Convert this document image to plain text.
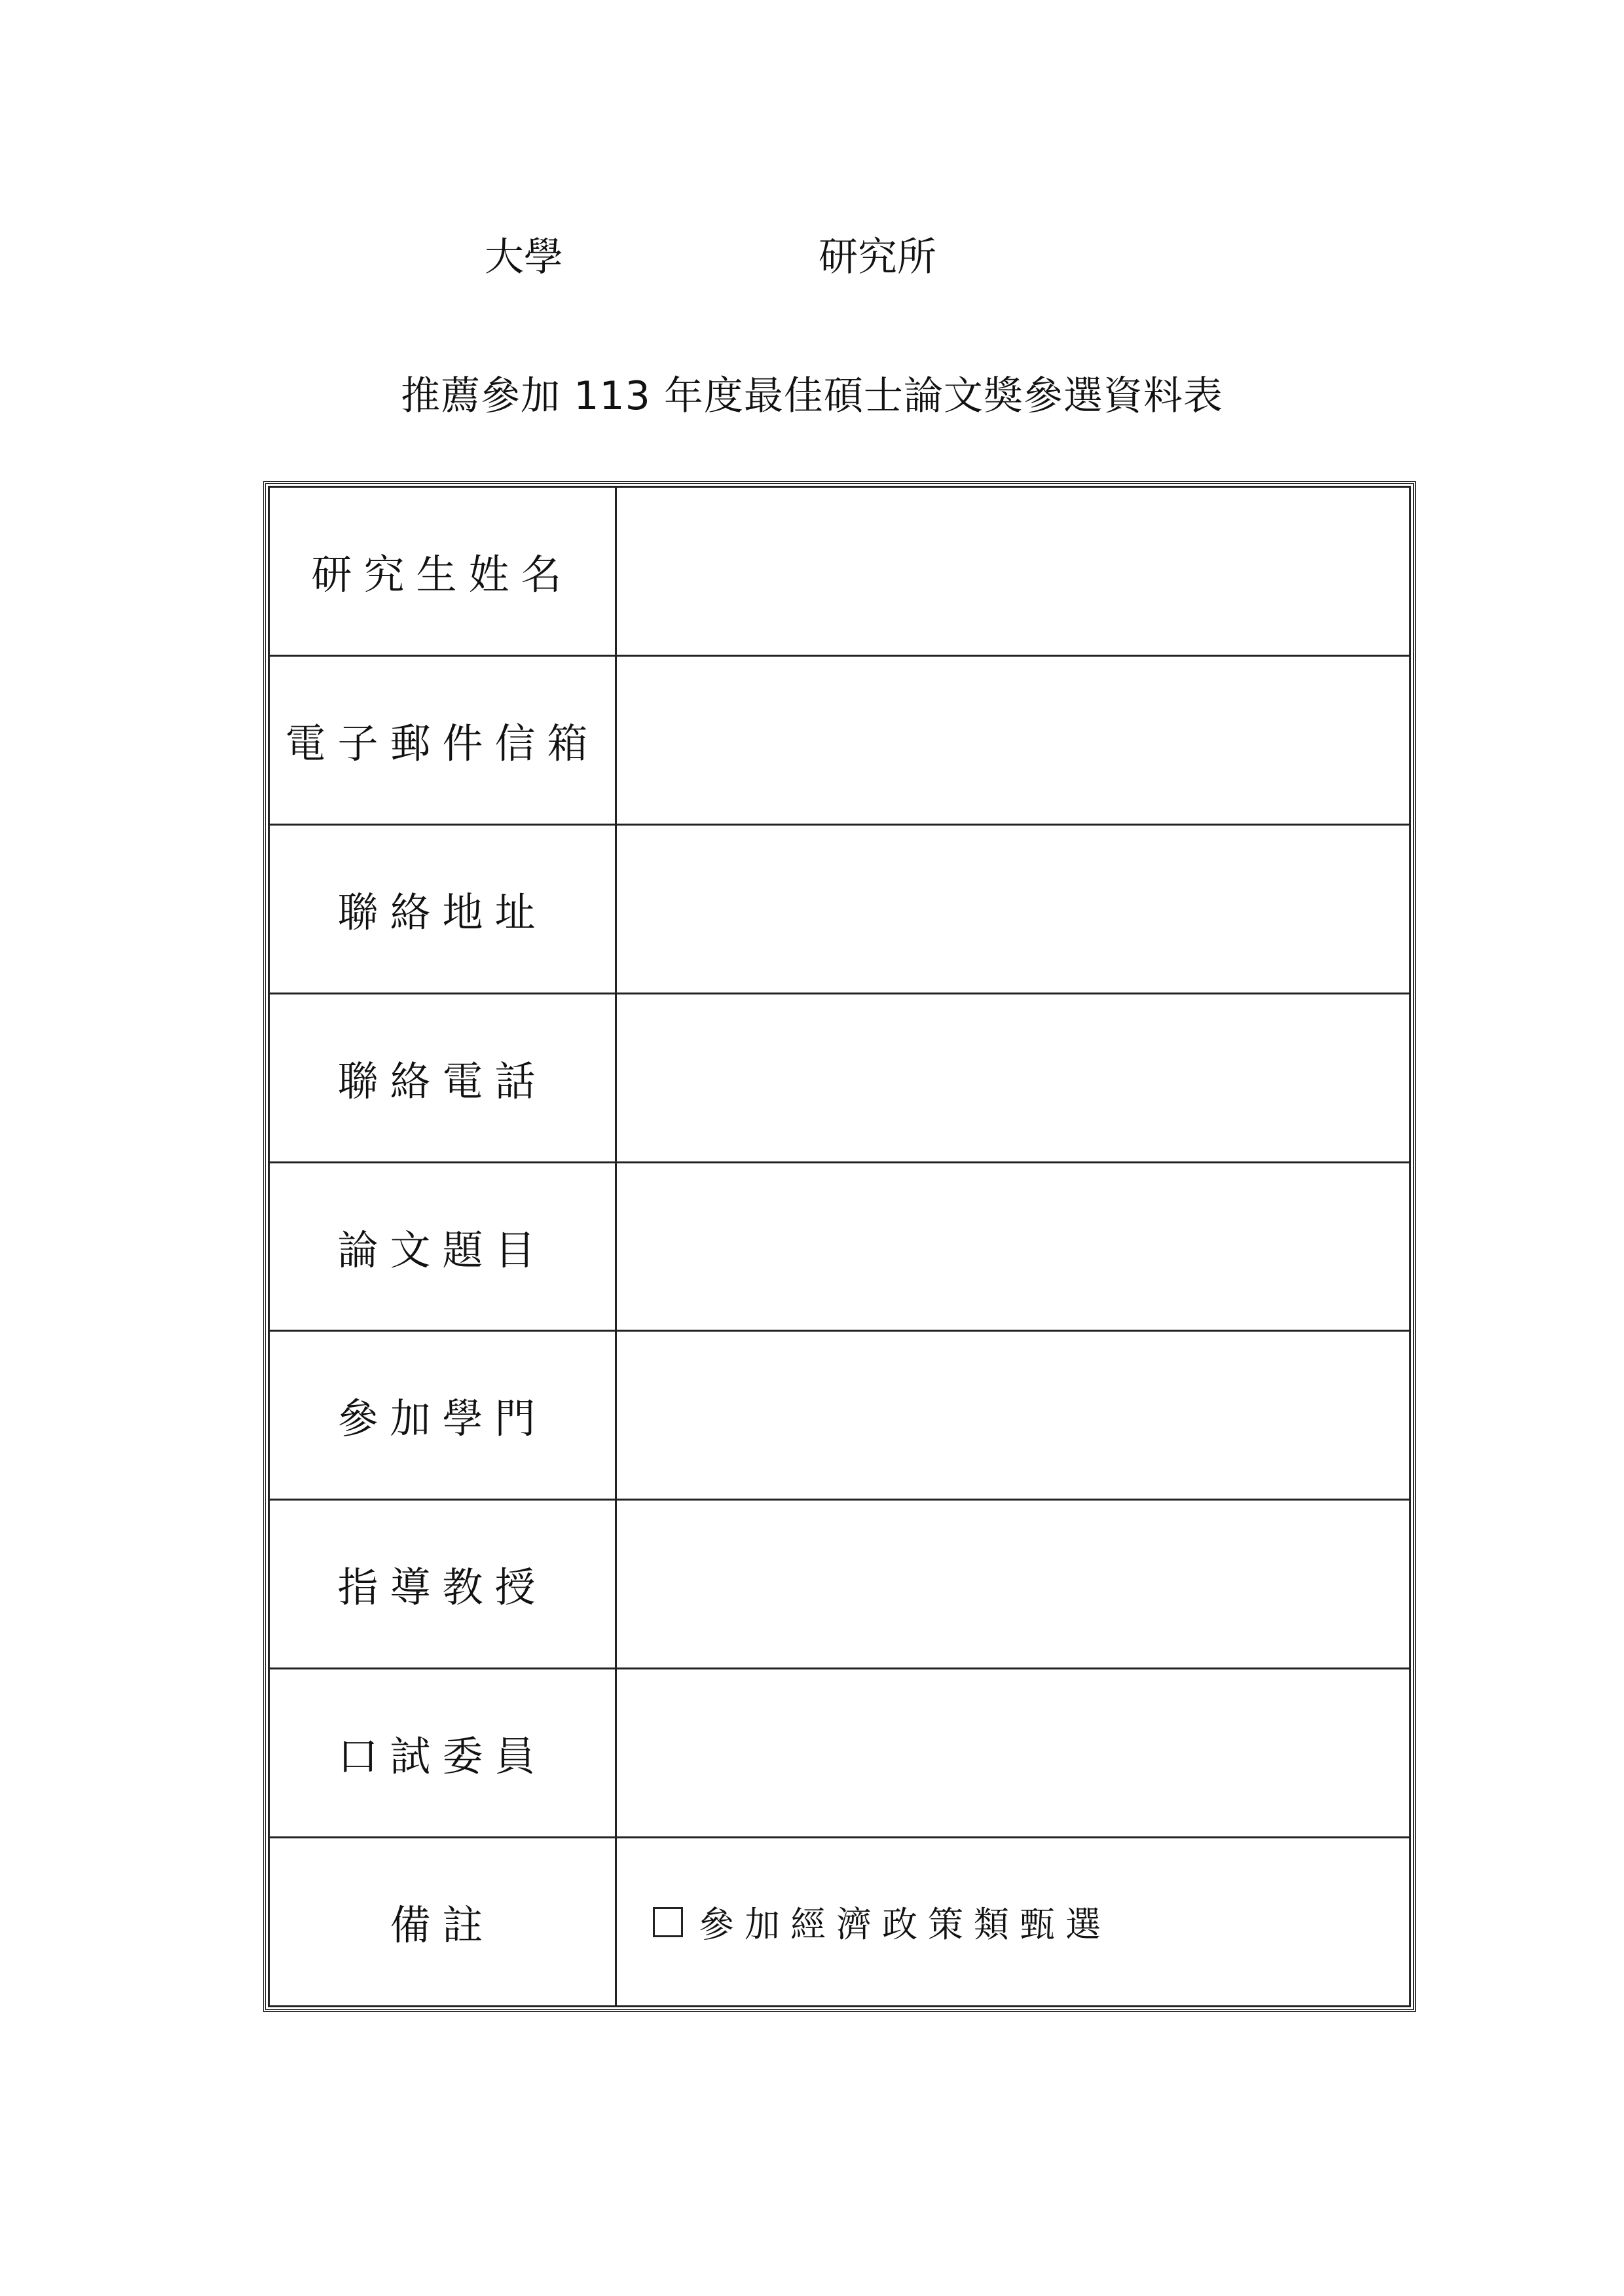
大學	研究所
推薦參加 113 年度最佳碩士論文獎參選資料表
研究生姓名
電子郵件信箱
聯絡地址
聯絡電話
論文題目
參加學門
指導教授
口試委員
備註	參加經濟政策類甄選
